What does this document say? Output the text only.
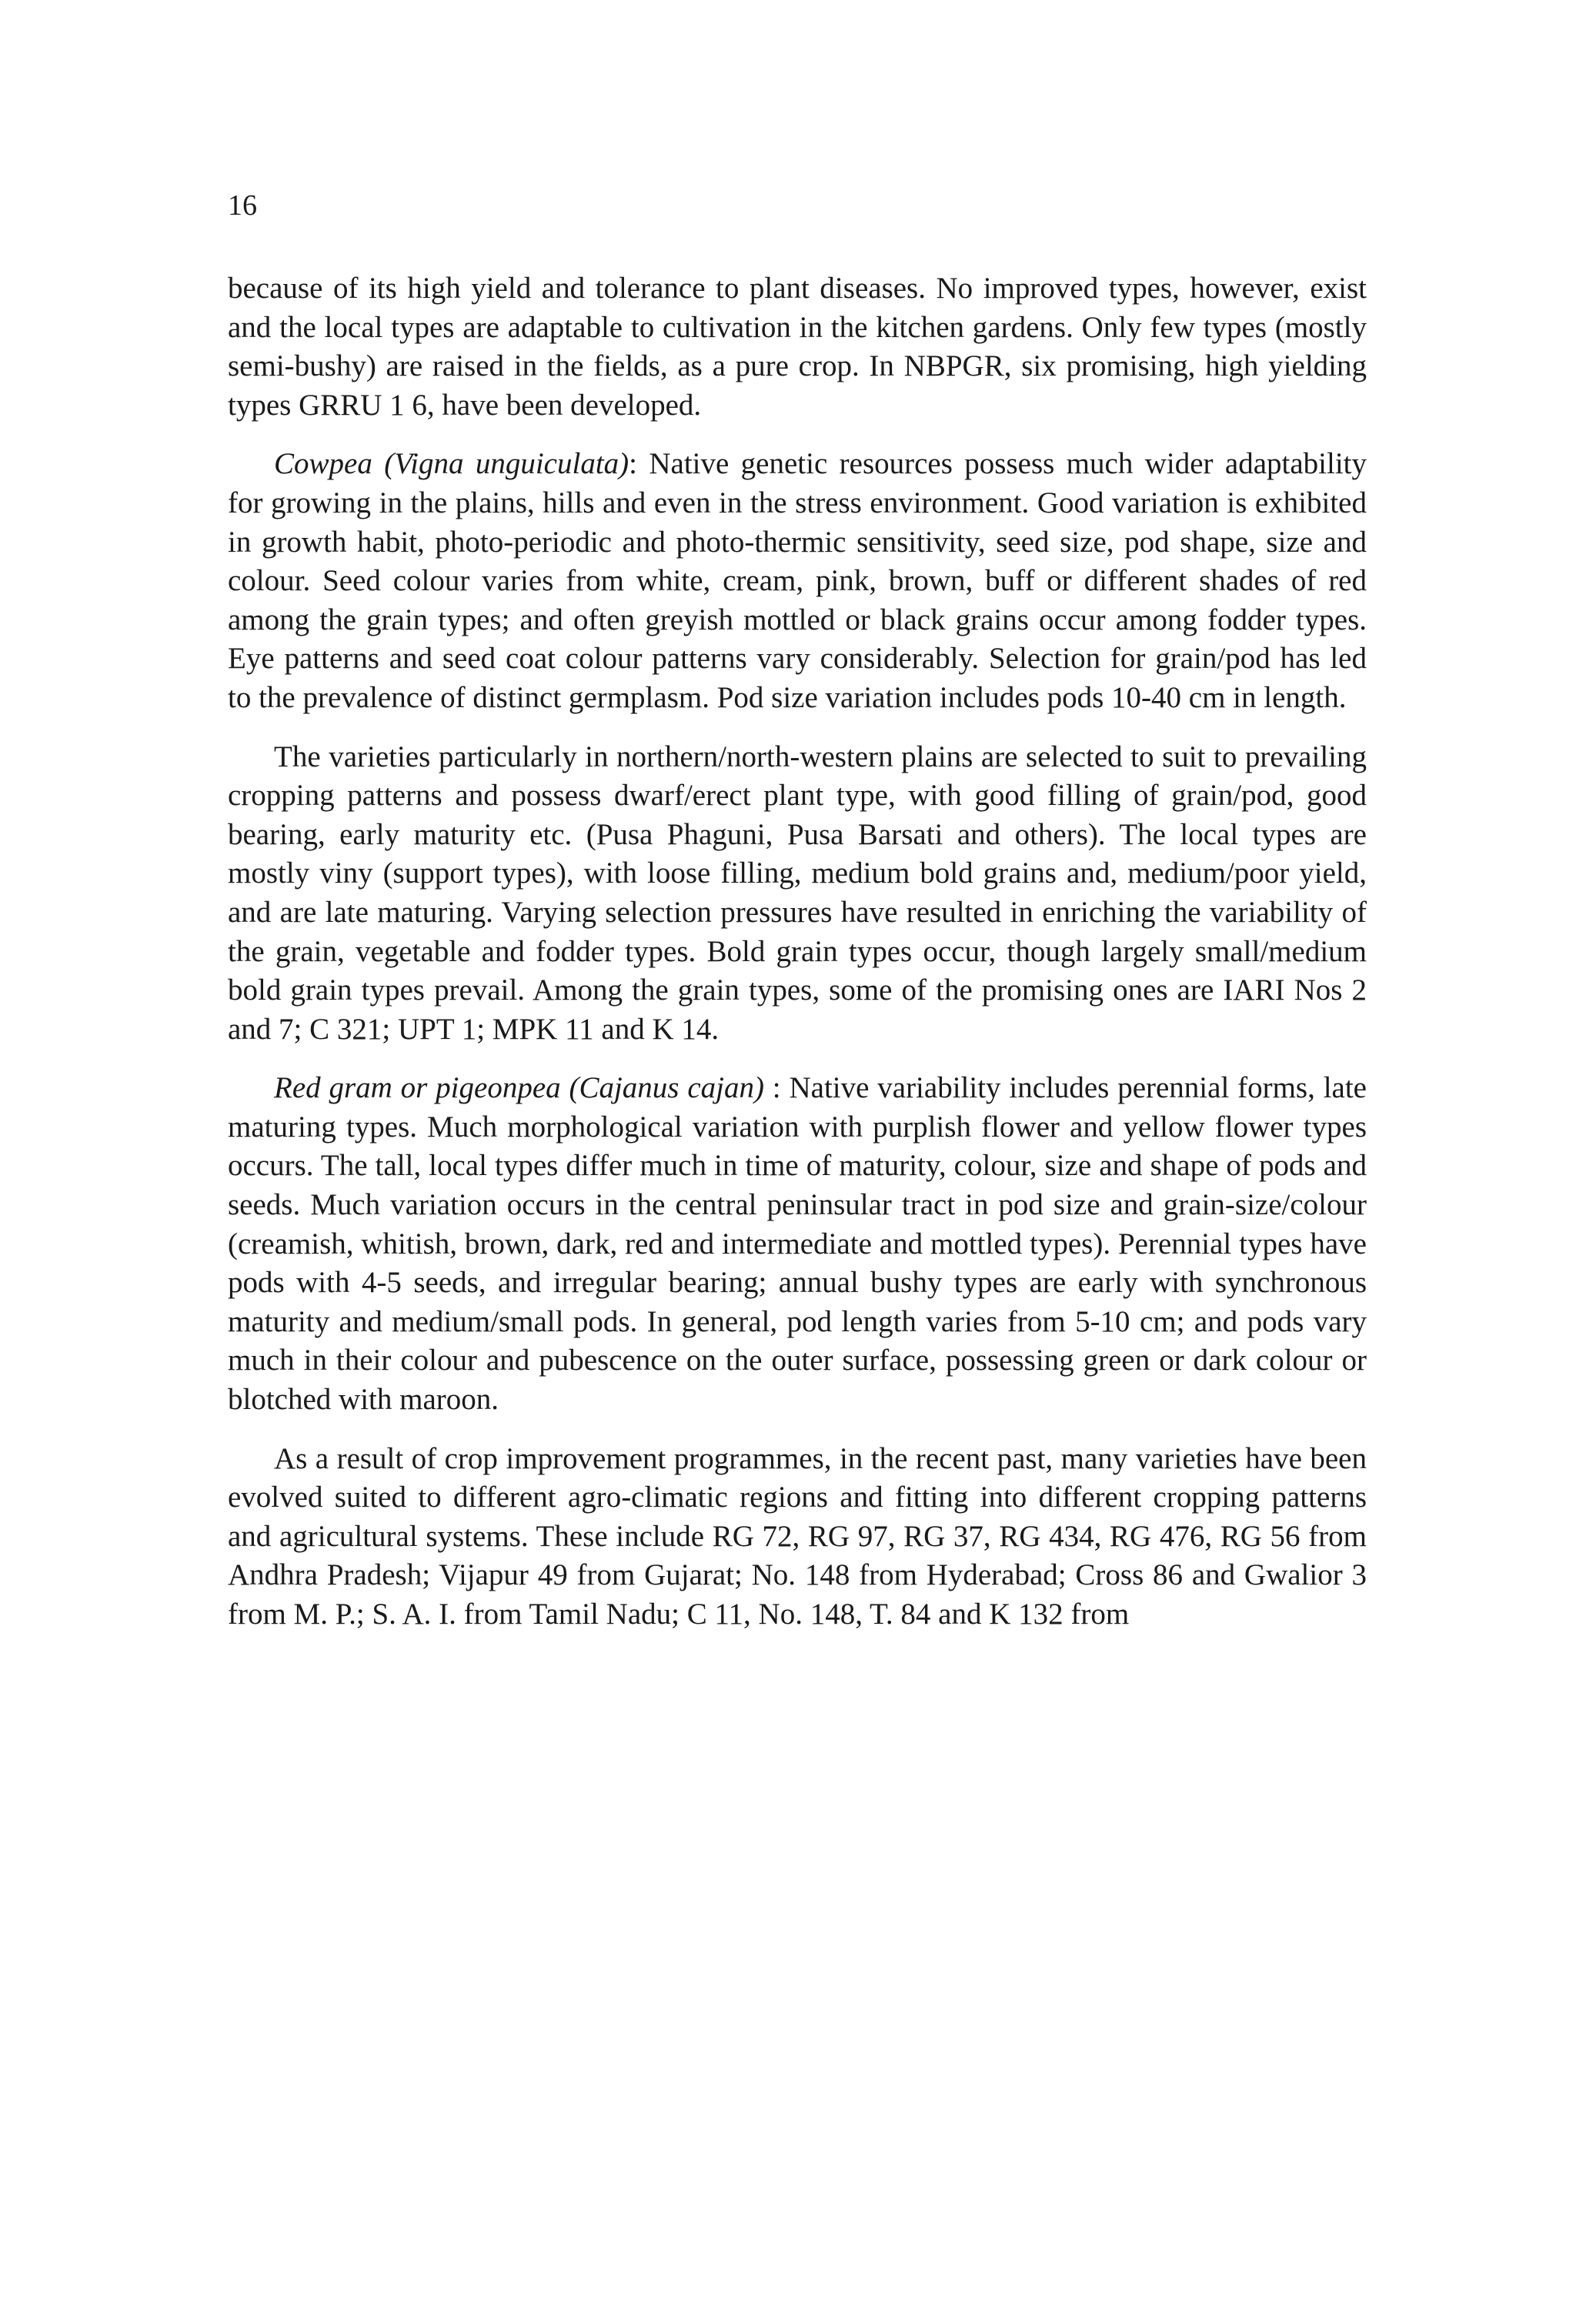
16

because of its high yield and tolerance to plant diseases. No improved types, however, exist and the local types are adaptable to cultivation in the kitchen gardens. Only few types (mostly semi-bushy) are raised in the fields, as a pure crop. In NBPGR, six promising, high yielding types GRRU 1 6, have been developed.

Cowpea (Vigna unguiculata): Native genetic resources possess much wider adaptability for growing in the plains, hills and even in the stress environment. Good variation is exhibited in growth habit, photo-periodic and photo-thermic sensitivity, seed size, pod shape, size and colour. Seed colour varies from white, cream, pink, brown, buff or different shades of red among the grain types; and often greyish mottled or black grains occur among fodder types. Eye patterns and seed coat colour patterns vary considerably. Selection for grain/pod has led to the prevalence of distinct germplasm. Pod size variation includes pods 10-40 cm in length.

The varieties particularly in northern/north-western plains are selected to suit to prevailing cropping patterns and possess dwarf/erect plant type, with good filling of grain/pod, good bearing, early maturity etc. (Pusa Phaguni, Pusa Barsati and others). The local types are mostly viny (support types), with loose filling, medium bold grains and, medium/poor yield, and are late maturing. Varying selection pressures have resulted in enriching the variability of the grain, vegetable and fodder types. Bold grain types occur, though largely small/medium bold grain types prevail. Among the grain types, some of the promising ones are IARI Nos 2 and 7; C 321; UPT 1; MPK 11 and K 14.

Red gram or pigeonpea (Cajanus cajan) : Native variability includes perennial forms, late maturing types. Much morphological variation with purplish flower and yellow flower types occurs. The tall, local types differ much in time of maturity, colour, size and shape of pods and seeds. Much variation occurs in the central peninsular tract in pod size and grain-size/colour (creamish, whitish, brown, dark, red and intermediate and mottled types). Perennial types have pods with 4-5 seeds, and irregular bearing; annual bushy types are early with synchronous maturity and medium/small pods. In general, pod length varies from 5-10 cm; and pods vary much in their colour and pubescence on the outer surface, possessing green or dark colour or blotched with maroon.

As a result of crop improvement programmes, in the recent past, many varieties have been evolved suited to different agro-climatic regions and fitting into different cropping patterns and agricultural systems. These include RG 72, RG 97, RG 37, RG 434, RG 476, RG 56 from Andhra Pradesh; Vijapur 49 from Gujarat; No. 148 from Hyderabad; Cross 86 and Gwalior 3 from M. P.; S. A. I. from Tamil Nadu; C 11, No. 148, T. 84 and K 132 from
